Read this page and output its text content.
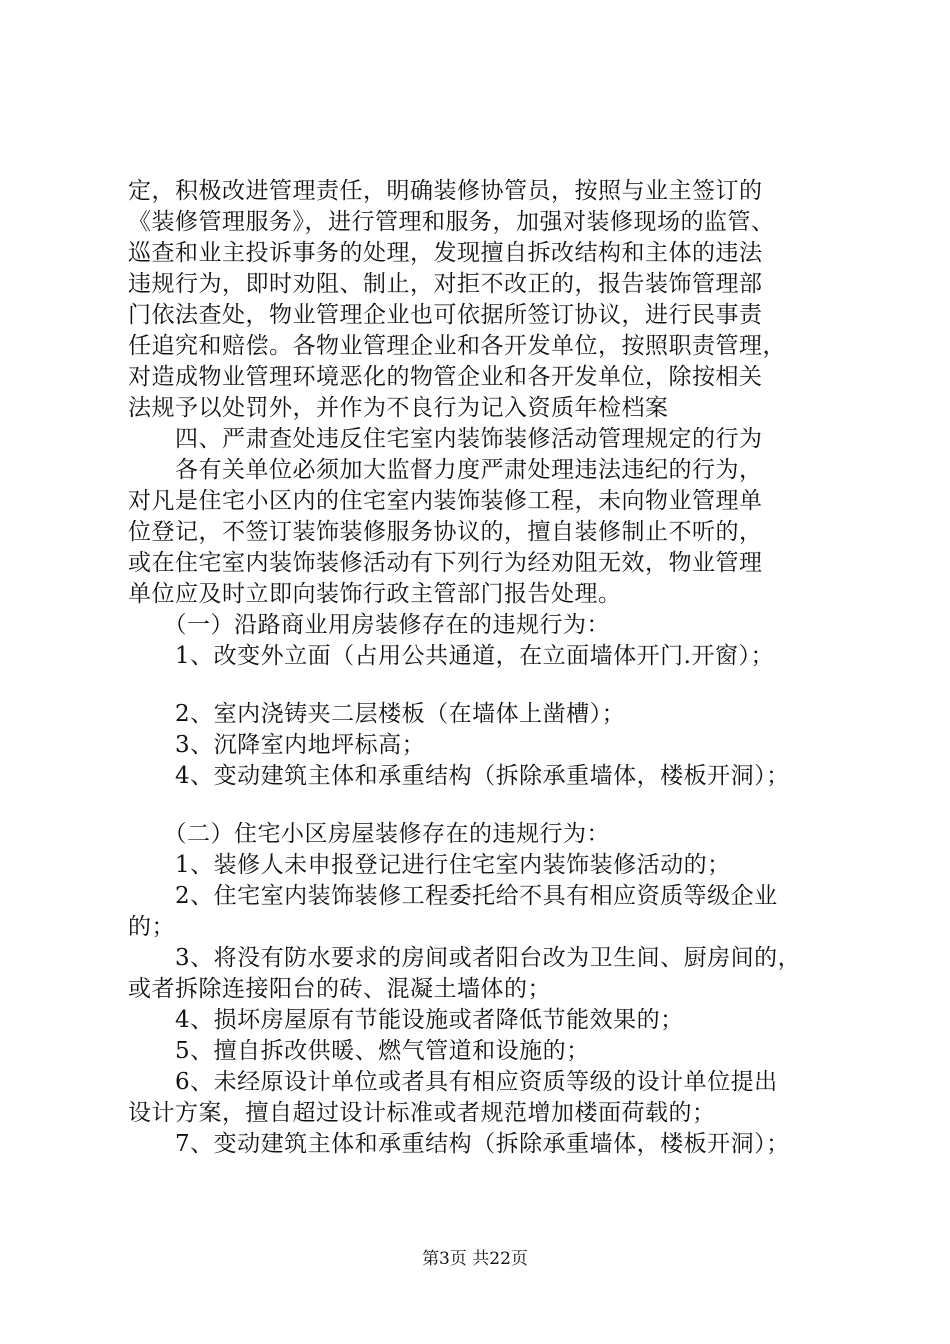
定，积极改进管理责任，明确装修协管员，按照与业主签订的
《装修管理服务》，进行管理和服务，加强对装修现场的监管、
巡查和业主投诉事务的处理，发现擅自拆改结构和主体的违法
违规行为，即时劝阻、制止，对拒不改正的，报告装饰管理部
门依法查处，物业管理企业也可依据所签订协议，进行民事责
任追究和赔偿。各物业管理企业和各开发单位，按照职责管理，
对造成物业管理环境恶化的物管企业和各开发单位，除按相关
法规予以处罚外，并作为不良行为记入资质年检档案
　　四、严肃查处违反住宅室内装饰装修活动管理规定的行为
　　各有关单位必须加大监督力度严肃处理违法违纪的行为，
对凡是住宅小区内的住宅室内装饰装修工程，未向物业管理单
位登记，不签订装饰装修服务协议的，擅自装修制止不听的，
或在住宅室内装饰装修活动有下列行为经劝阻无效，物业管理
单位应及时立即向装饰行政主管部门报告处理。
　　（一）沿路商业用房装修存在的违规行为：
　　1、改变外立面（占用公共通道，在立面墙体开门.开窗）；
　　2、室内浇铸夹二层楼板（在墙体上凿槽）；
　　3、沉降室内地坪标高；
　　4、变动建筑主体和承重结构（拆除承重墙体，楼板开洞）；
　　（二）住宅小区房屋装修存在的违规行为：
　　1、装修人未申报登记进行住宅室内装饰装修活动的；
　　2、住宅室内装饰装修工程委托给不具有相应资质等级企业
的；
　　3、将没有防水要求的房间或者阳台改为卫生间、厨房间的，
或者拆除连接阳台的砖、混凝土墙体的；
　　4、损坏房屋原有节能设施或者降低节能效果的；
　　5、擅自拆改供暖、燃气管道和设施的；
　　6、未经原设计单位或者具有相应资质等级的设计单位提出
设计方案，擅自超过设计标准或者规范增加楼面荷载的；
　　7、变动建筑主体和承重结构（拆除承重墙体，楼板开洞）；
第3页 共22页
